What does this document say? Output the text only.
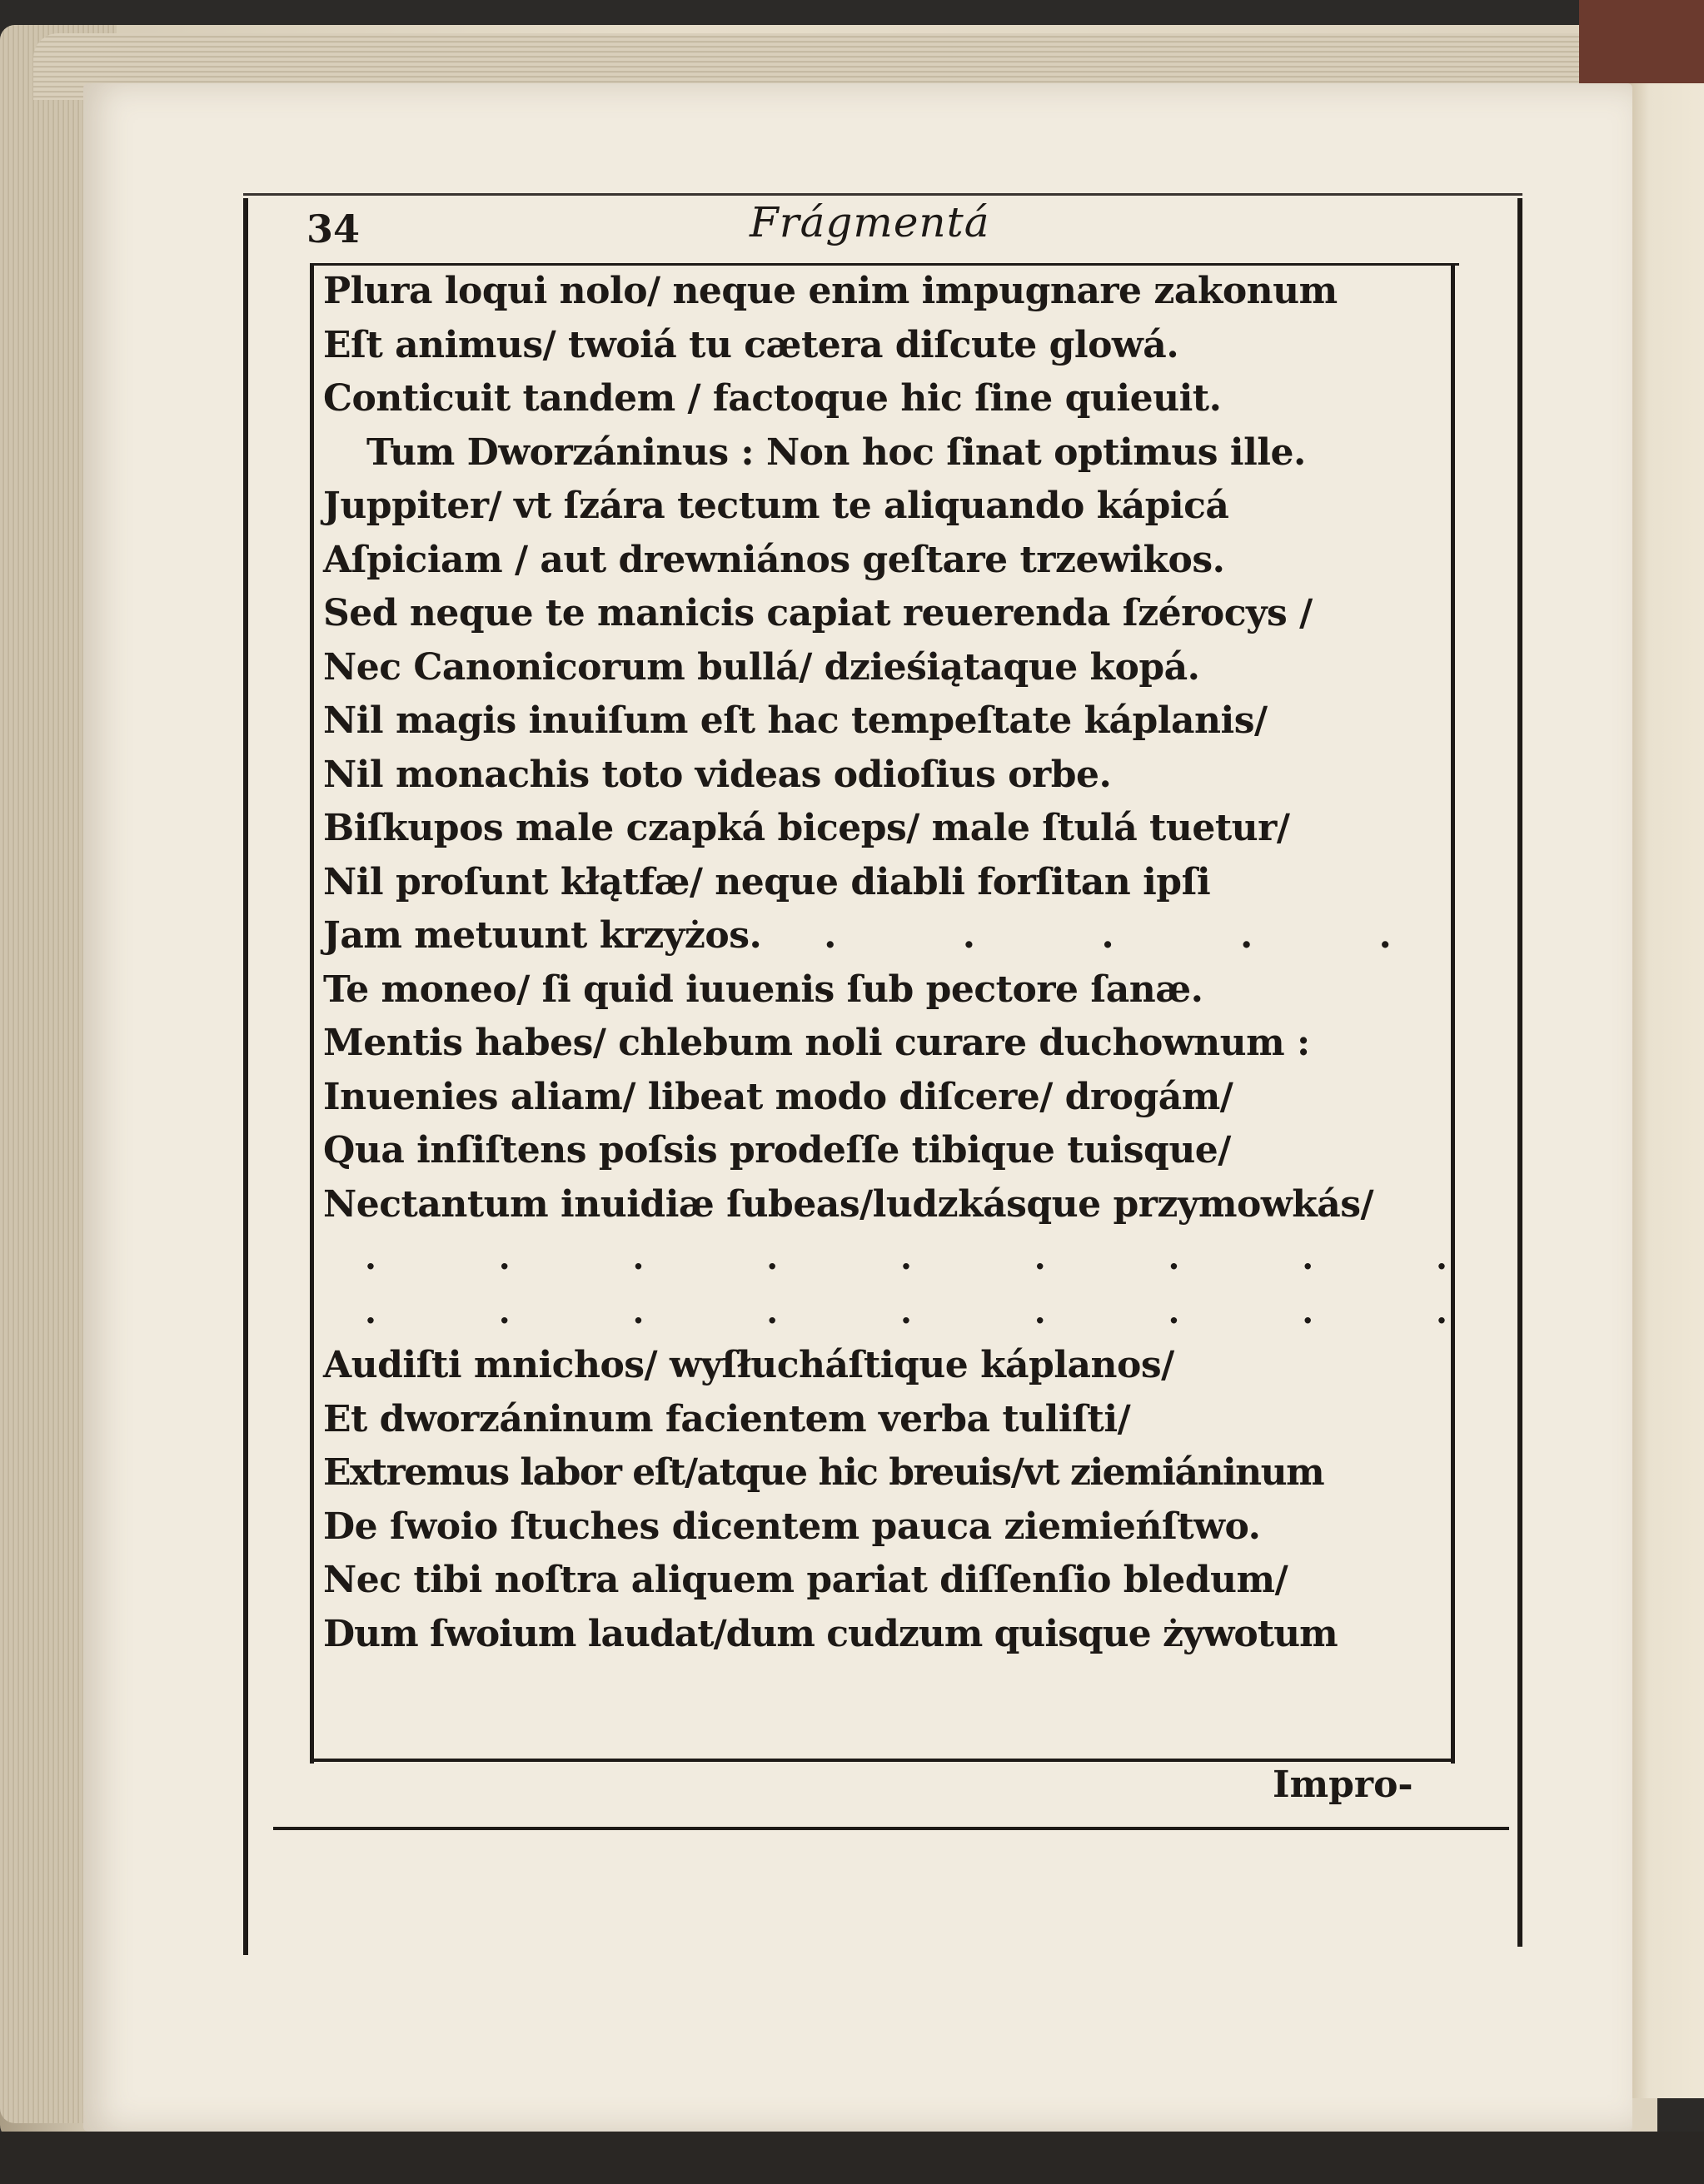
34	Frágmentá
Plura loqui nolo/ neque enim impugnare zakonum
Eſt animus/ twoiá tu cætera diſcute glowá.
Conticuit tandem / factoque hic ſine quieuit.
Tum Dworzáninus : Non hoc ſinat optimus ille.
Juppiter/ vt ſzára tectum te aliquando kápicá
Aſpiciam / aut drewniános geſtare trzewikos.
Sed neque te manicis capiat reuerenda ſzérocys /
Nec Canonicorum bullá/ dzieśiątaque kopá.
Nil magis inuiſum eſt hac tempeſtate káplanis/
Nil monachis toto videas odioſius orbe.
Biſkupos male czapká biceps/ male ſtulá tuetur/
Nil proſunt kłątfæ/ neque diabli forſitan ipſi
Jam metuunt krzyżos. .    .    .    .    .
Te moneo/ ſi quid iuuenis ſub pectore ſanæ.
Mentis habes/ chlebum noli curare duchownum :
Inuenies aliam/ libeat modo diſcere/ drogám/
Qua inſiſtens poſsis prodeſſe tibique tuisque/
Nectantum inuidiæ ſubeas/ludzkásque przymowkás/
.	.	.	.	.	.	.	.	.
.	.	.	.	.	.	.	.	.
Audiſti mnichos/ wyſłucháſtique káplanos/
Et dworzáninum facientem verba tuliſti/
Extremus labor eſt/atque hic breuis/vt ziemiáninum
De ſwoio ſtuches dicentem pauca ziemieńſtwo.
Nec tibi noſtra aliquem pariat diſſenſio bledum/
Dum ſwoium laudat/dum cudzum quisque żywotum
Impro-
